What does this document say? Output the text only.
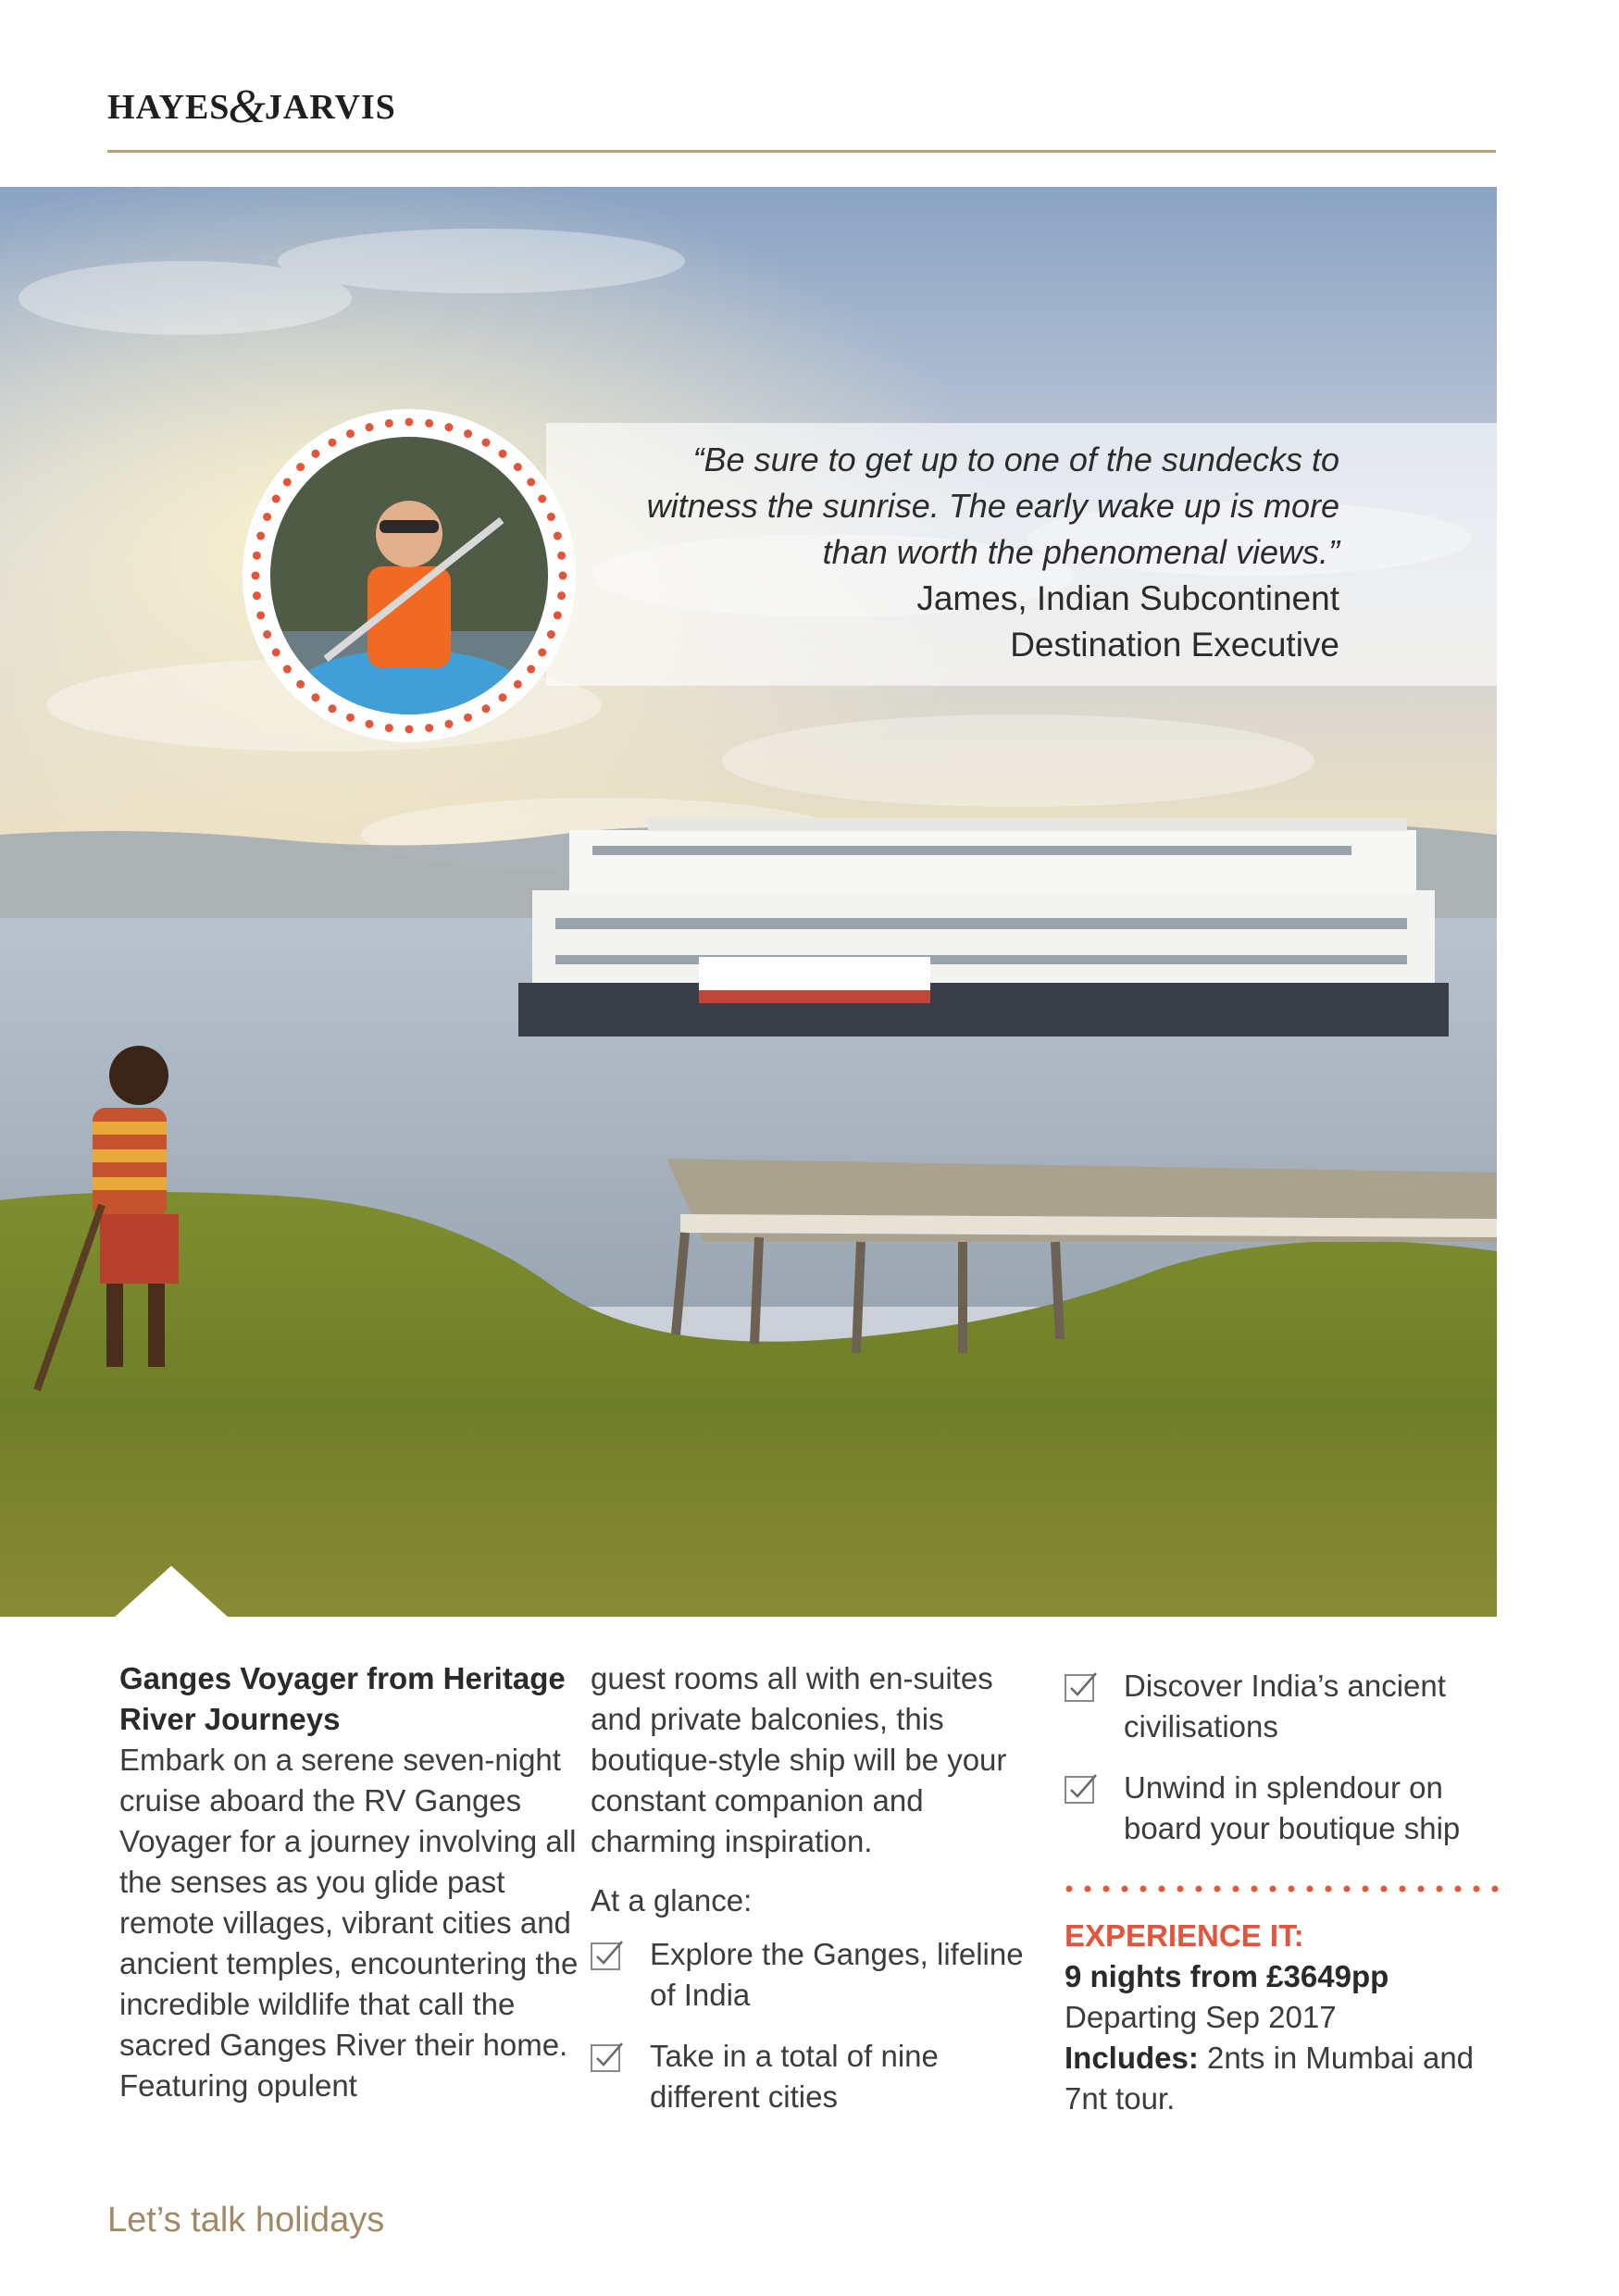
HAYES&JARVIS
“Be sure to get up to one of the sundecks to
witness the sunrise. The early wake up is more
than worth the phenomenal views.”
James, Indian Subcontinent
Destination Executive
Ganges Voyager from Heritage River Journeys
Embark on a serene seven-night cruise aboard the RV Ganges Voyager for a journey involving all the senses as you glide past remote villages, vibrant cities and ancient temples, encountering the incredible wildlife that call the sacred Ganges River their home. Featuring opulent
guest rooms all with en-suites and private balconies, this boutique-style ship will be your constant companion and charming inspiration.
At a glance:
Explore the Ganges, lifeline of India
Take in a total of nine different cities
Discover India’s ancient civilisations
Unwind in splendour on board your boutique ship
EXPERIENCE IT:
9 nights from £3649pp
Departing Sep 2017
Includes: 2nts in Mumbai and 7nt tour.
Let’s talk holidays
